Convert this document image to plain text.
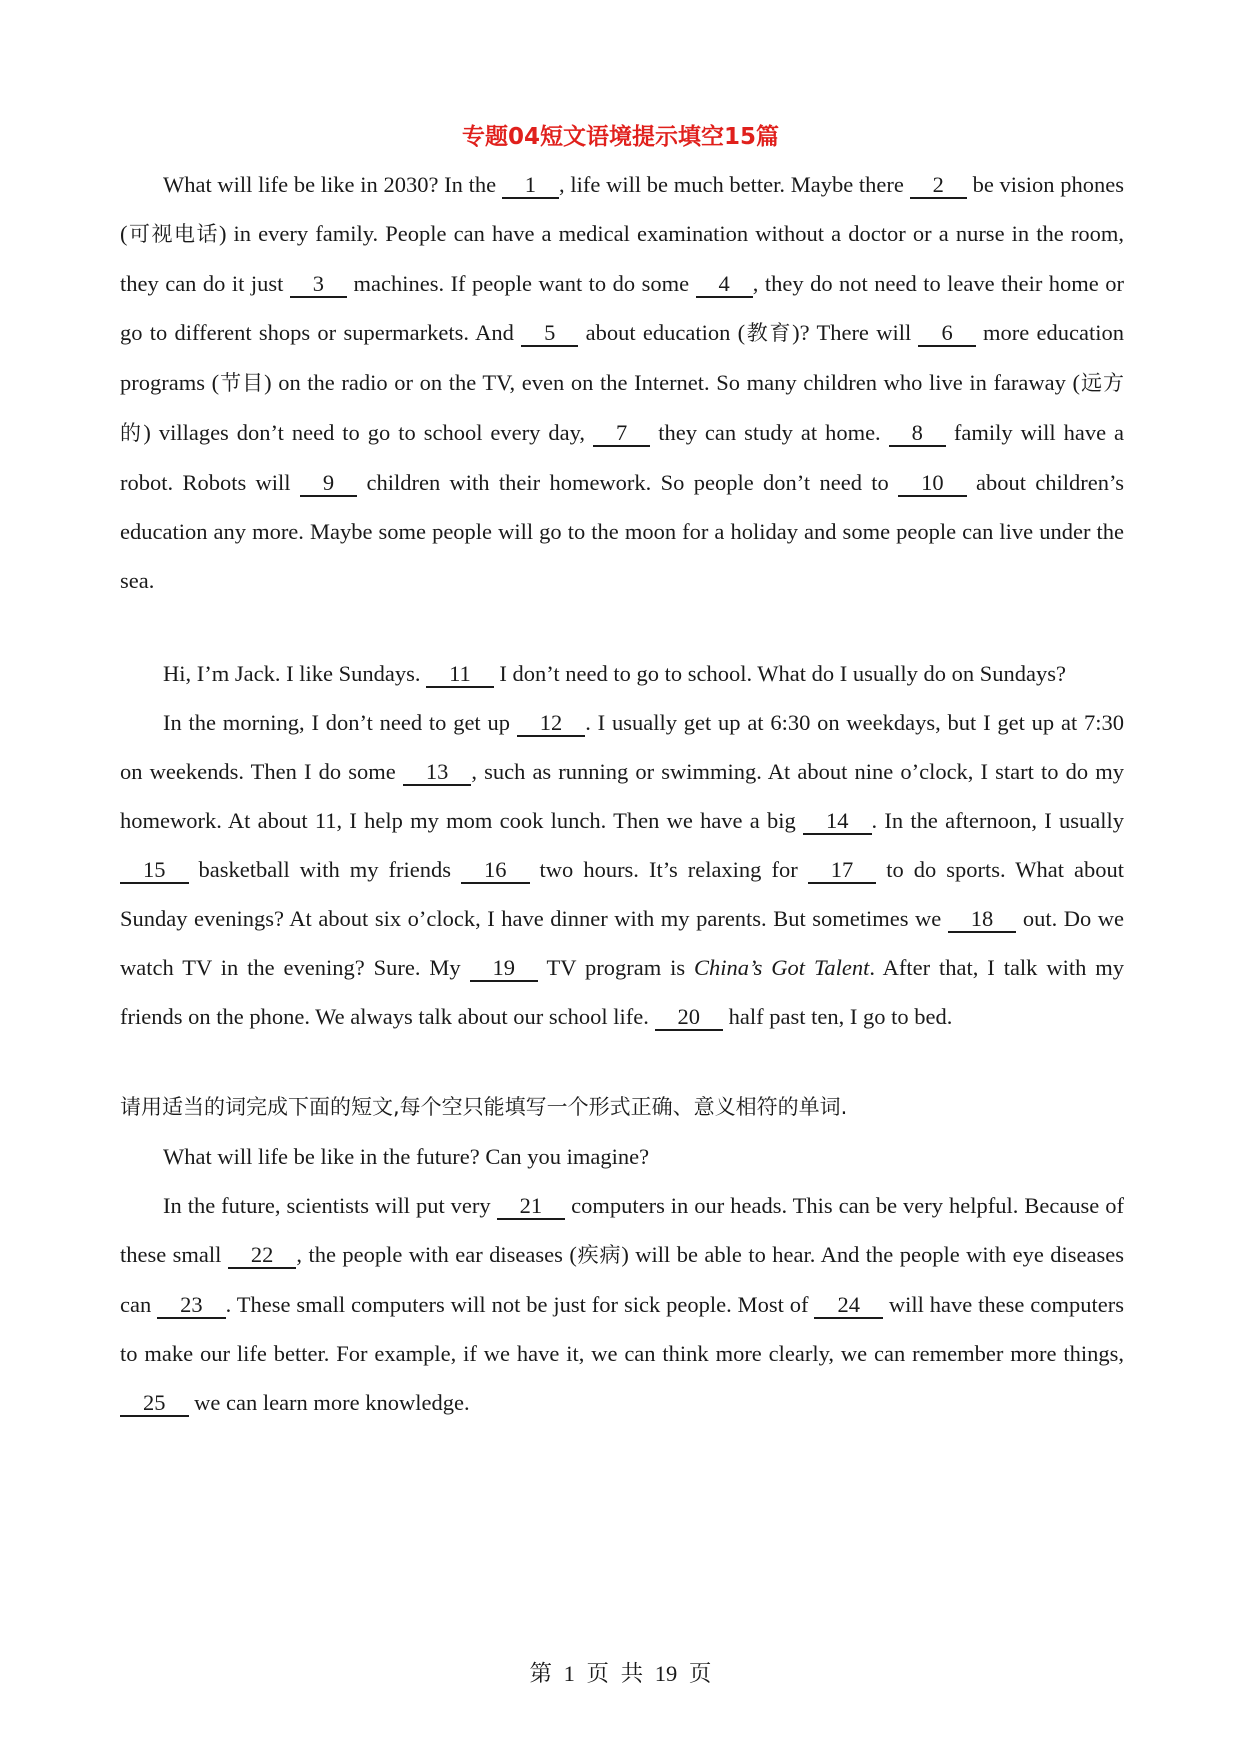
专题04短文语境提示填空15篇

What will life be like in 2030? In the 1 , life will be much better. Maybe there 2 be vision phones (可视电话) in every family. People can have a medical examination without a doctor or a nurse in the room, they can do it just 3 machines. If people want to do some 4 , they do not need to leave their home or go to different shops or supermarkets. And 5 about education (教育)? There will 6 more education programs (节目) on the radio or on the TV, even on the Internet. So many children who live in faraway (远方的) villages don’t need to go to school every day, 7 they can study at home. 8 family will have a robot. Robots will 9 children with their homework. So people don’t need to 10 about children’s education any more. Maybe some people will go to the moon for a holiday and some people can live under the sea.

Hi, I’m Jack. I like Sundays. 11 I don’t need to go to school. What do I usually do on Sundays?

In the morning, I don’t need to get up 12 . I usually get up at 6:30 on weekdays, but I get up at 7:30 on weekends. Then I do some 13 , such as running or swimming. At about nine o’clock, I start to do my homework. At about 11, I help my mom cook lunch. Then we have a big 14 . In the afternoon, I usually 15 basketball with my friends 16 two hours. It’s relaxing for 17 to do sports. What about Sunday evenings? At about six o’clock, I have dinner with my parents. But sometimes we 18 out. Do we watch TV in the evening? Sure. My 19 TV program is China’s Got Talent. After that, I talk with my friends on the phone. We always talk about our school life. 20 half past ten, I go to bed.

请用适当的词完成下面的短文,每个空只能填写一个形式正确、意义相符的单词.

What will life be like in the future? Can you imagine?

In the future, scientists will put very 21 computers in our heads. This can be very helpful. Because of these small 22 , the people with ear diseases (疾病) will be able to hear. And the people with eye diseases can 23 . These small computers will not be just for sick people. Most of 24 will have these computers to make our life better. For example, if we have it, we can think more clearly, we can remember more things, 25 we can learn more knowledge.

第 1 页 共 19 页
